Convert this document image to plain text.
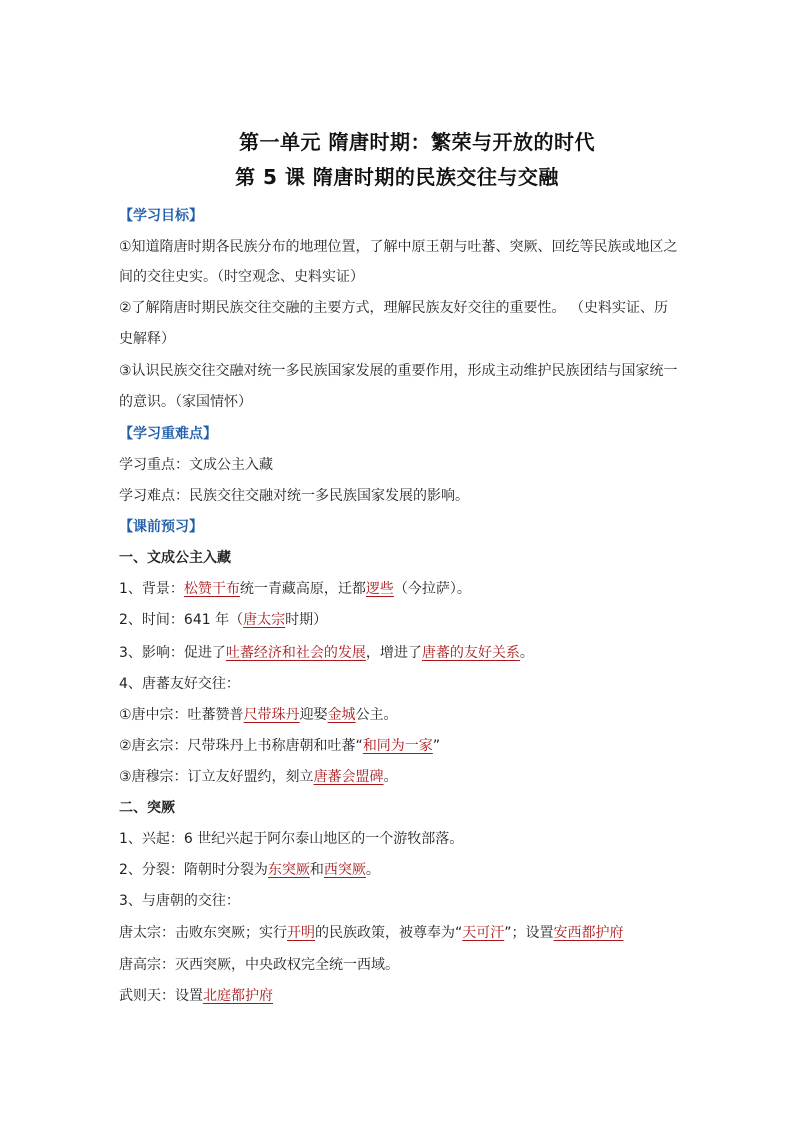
第一单元 隋唐时期：繁荣与开放的时代
第 5 课 隋唐时期的民族交往与交融
【学习目标】
①知道隋唐时期各民族分布的地理位置，了解中原王朝与吐蕃、突厥、回纥等民族或地区之
间的交往史实。（时空观念、史料实证）
②了解隋唐时期民族交往交融的主要方式，理解民族友好交往的重要性。 （史料实证、历
史解释）
③认识民族交往交融对统一多民族国家发展的重要作用，形成主动维护民族团结与国家统一
的意识。（家国情怀）
【学习重难点】
学习重点：文成公主入藏
学习难点：民族交往交融对统一多民族国家发展的影响。
【课前预习】
一、文成公主入藏
1、背景：松赞干布统一青藏高原，迁都逻些（今拉萨）。
2、时间：641 年（唐太宗时期）
3、影响：促进了吐蕃经济和社会的发展，增进了唐蕃的友好关系。
4、唐蕃友好交往：
①唐中宗：吐蕃赞普尺带珠丹迎娶金城公主。
②唐玄宗：尺带珠丹上书称唐朝和吐蕃“和同为一家”
③唐穆宗：订立友好盟约，刻立唐蕃会盟碑。
二、突厥
1、兴起：6 世纪兴起于阿尔泰山地区的一个游牧部落。
2、分裂：隋朝时分裂为东突厥和西突厥。
3、与唐朝的交往：
唐太宗：击败东突厥；实行开明的民族政策，被尊奉为“天可汗”；设置安西都护府
唐高宗：灭西突厥，中央政权完全统一西域。
武则天：设置北庭都护府
